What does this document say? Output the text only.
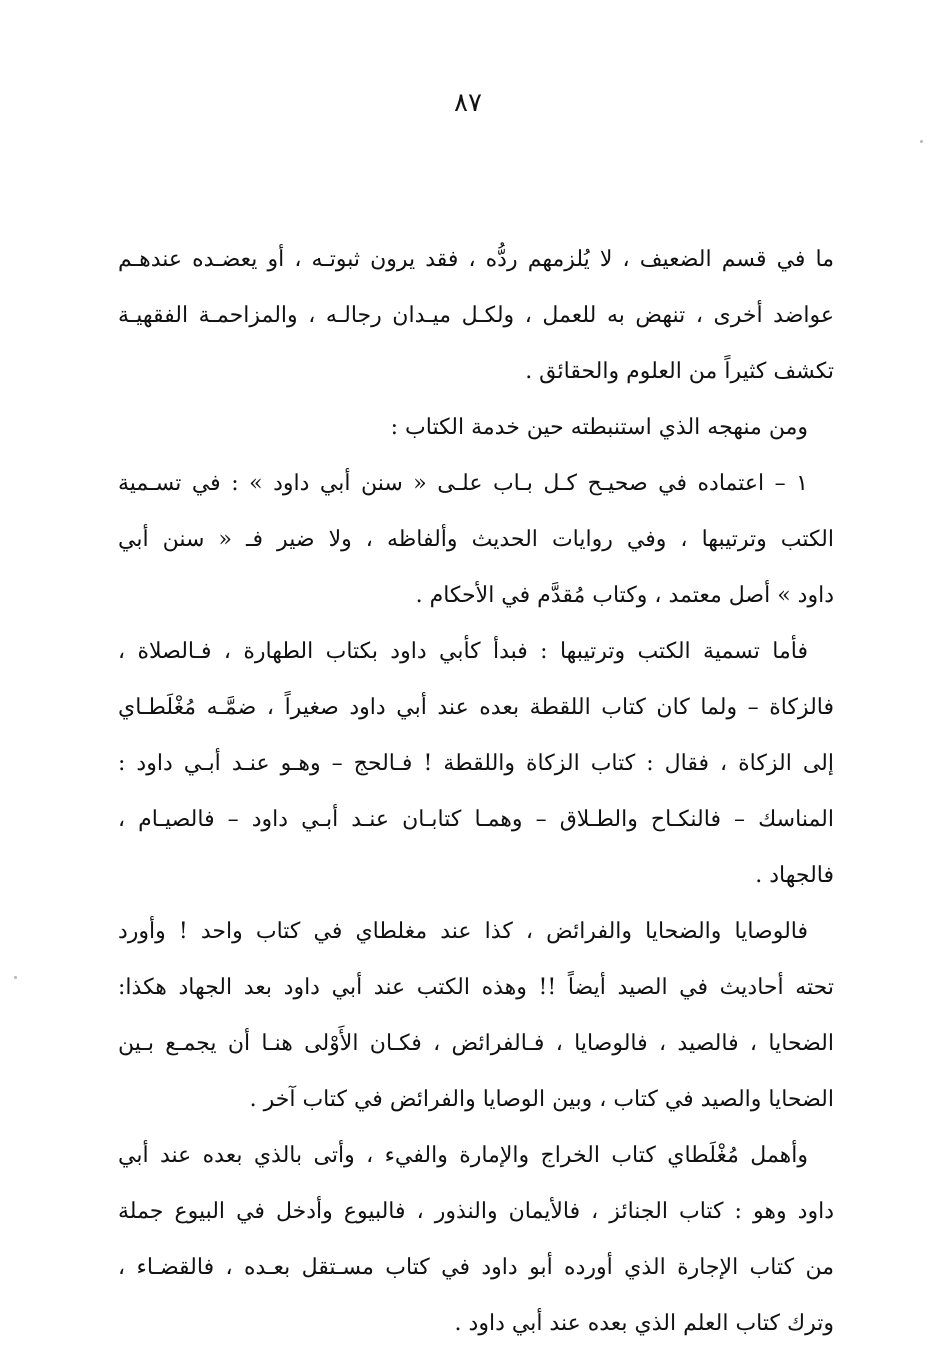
٨٧

ما في قسم الضعيف ، لا يُلزمهم ردُّه ، فقد يرون ثبوتـه ، أو يعضـده عندهـم
عواضد أخرى ، تنهض به للعمل ، ولكـل ميـدان رجالـه ، والمزاحمـة الفقهيـة
تكشف كثيراً من العلوم والحقائق .

ومن منهجه الذي استنبطته حين خدمة الكتاب :

١ – اعتماده في صحيـح كـل بـاب علـى « سنن أبي داود » : في تسـمية
الكتب وترتيبها ، وفي روايات الحديث وألفاظه ، ولا ضير فـ « سنن أبي
داود » أصل معتمد ، وكتاب مُقدَّم في الأحكام .

فأما تسمية الكتب وترتيبها : فبدأ كأبي داود بكتاب الطهارة ، فـالصلاة ،
فالزكاة – ولما كان كتاب اللقطة بعده عند أبي داود صغيراً ، ضمَّـه مُغْلَطـاي
إلى الزكاة ، فقال : كتاب الزكاة واللقطة ! فـالحج – وهـو عنـد أبـي داود :
المناسك – فالنكـاح والطـلاق – وهمـا كتابـان عنـد أبـي داود – فالصيـام ،
فالجهاد .

فالوصايا والضحايا والفرائض ، كذا عند مغلطاي في كتاب واحد ! وأورد
تحته أحاديث في الصيد أيضاً !! وهذه الكتب عند أبي داود بعد الجهاد هكذا:
الضحايا ، فالصيد ، فالوصايا ، فـالفرائض ، فكـان الأَوْلى هنـا أن يجمـع بـين
الضحايا والصيد في كتاب ، وبين الوصايا والفرائض في كتاب آخر .

وأهمل مُغْلَطاي كتاب الخراج والإمارة والفيء ، وأتى بالذي بعده عند أبي
داود وهو : كتاب الجنائز ، فالأيمان والنذور ، فالبيوع وأدخل في البيوع جملة
من كتاب الإجارة الذي أورده أبو داود في كتاب مسـتقل بعـده ، فالقضـاء ،
وترك كتاب العلم الذي بعده عند أبي داود .
